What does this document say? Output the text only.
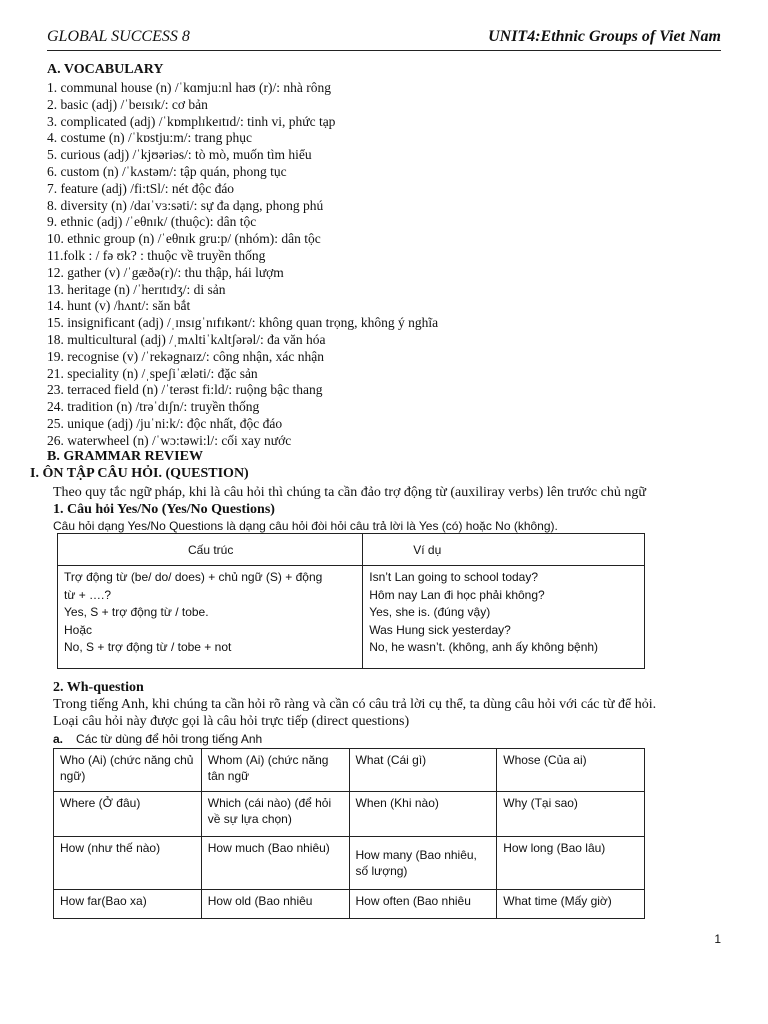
GLOBAL SUCCESS 8	UNIT4:Ethnic Groups of Viet Nam
A. VOCABULARY
1. communal house (n) /ˈkɑmju:nl haʊ (r)/: nhà rông
2. basic (adj) /ˈbeɪsɪk/: cơ bản
3. complicated (adj) /ˈkɒmplɪkeɪtɪd/: tinh vi, phức tạp
4. costume (n) /ˈkɒstju:m/: trang phục
5. curious (adj) /ˈkjʊəriəs/: tò mò, muốn tìm hiểu
6. custom (n) /ˈkʌstəm/: tập quán, phong tục
7. feature (adj) /fi:tSl/: nét độc đáo
8. diversity (n) /daɪˈvɜ:səti/: sự đa dạng, phong phú
9. ethnic (adj) /ˈeθnɪk/ (thuộc): dân tộc
10. ethnic group (n) /ˈeθnɪk gru:p/ (nhóm): dân tộc
11.folk : / fə ʊk? : thuộc về truyền thống
12. gather (v) /ˈgæðə(r)/: thu thập, hái lượm
13. heritage (n) /ˈherɪtɪdʒ/: di sản
14. hunt (v) /hʌnt/: săn bắt
15. insignificant (adj) /ˌɪnsɪgˈnɪfɪkənt/: không quan trọng, không ý nghĩa
18. multicultural (adj) /ˌmʌltiˈkʌltʃərəl/: đa văn hóa
19. recognise (v) /ˈrekəgnaɪz/: công nhận, xác nhận
21. speciality (n) /ˌspeʃiˈæləti/: đặc sản
23. terraced field (n) /ˈterəst fi:ld/: ruộng bậc thang
24. tradition (n) /trəˈdɪʃn/: truyền thống
25. unique (adj) /juˈni:k/: độc nhất, độc đáo
26. waterwheel (n) /ˈwɔ:təwi:l/: cối xay nước
B. GRAMMAR REVIEW
I. ÔN TẬP CÂU HỎI. (QUESTION)
Theo quy tắc ngữ pháp, khi là câu hỏi thì chúng ta cần đảo trợ động từ (auxiliray verbs) lên trước chủ ngữ
1. Câu hỏi Yes/No (Yes/No Questions)
Câu hỏi dạng Yes/No Questions là dạng câu hỏi đòi hỏi câu trả lời là Yes (có) hoặc No (không).
Cấu trúc	Ví dụ

Trợ động từ (be/ do/ does) + chủ ngữ (S) + động
từ + ….?
Yes, S + trợ động từ / tobe.
Hoặc
No, S + trợ động từ / tobe + not	Isn’t Lan going to school today?
Hôm nay Lan đi học phải không?
Yes, she is. (đúng vậy)
Was Hung sick yesterday?
No, he wasn’t. (không, anh ấy không bệnh)
2. Wh-question
Trong tiếng Anh, khi chúng ta cần hỏi rõ ràng và cần có câu trả lời cụ thể, ta dùng câu hỏi với các từ để hỏi.
Loại câu hỏi này được gọi là câu hỏi trực tiếp (direct questions)
a. Các từ dùng để hỏi trong tiếng Anh
Who (Ai) (chức năng chủ ngữ)	Whom (Ai) (chức năng tân ngữ	What (Cái gì)	Whose (Của ai)
Where (Ở đâu)	Which (cái nào) (để hỏi về sự lựa chọn)	When (Khi nào)	Why (Tại sao)
How (như thế nào)	How much (Bao nhiêu)	How many (Bao nhiêu, số lượng)	How long (Bao lâu)
How far(Bao xa)	How old (Bao nhiêu	How often (Bao nhiêu	What time (Mấy giờ)
1
